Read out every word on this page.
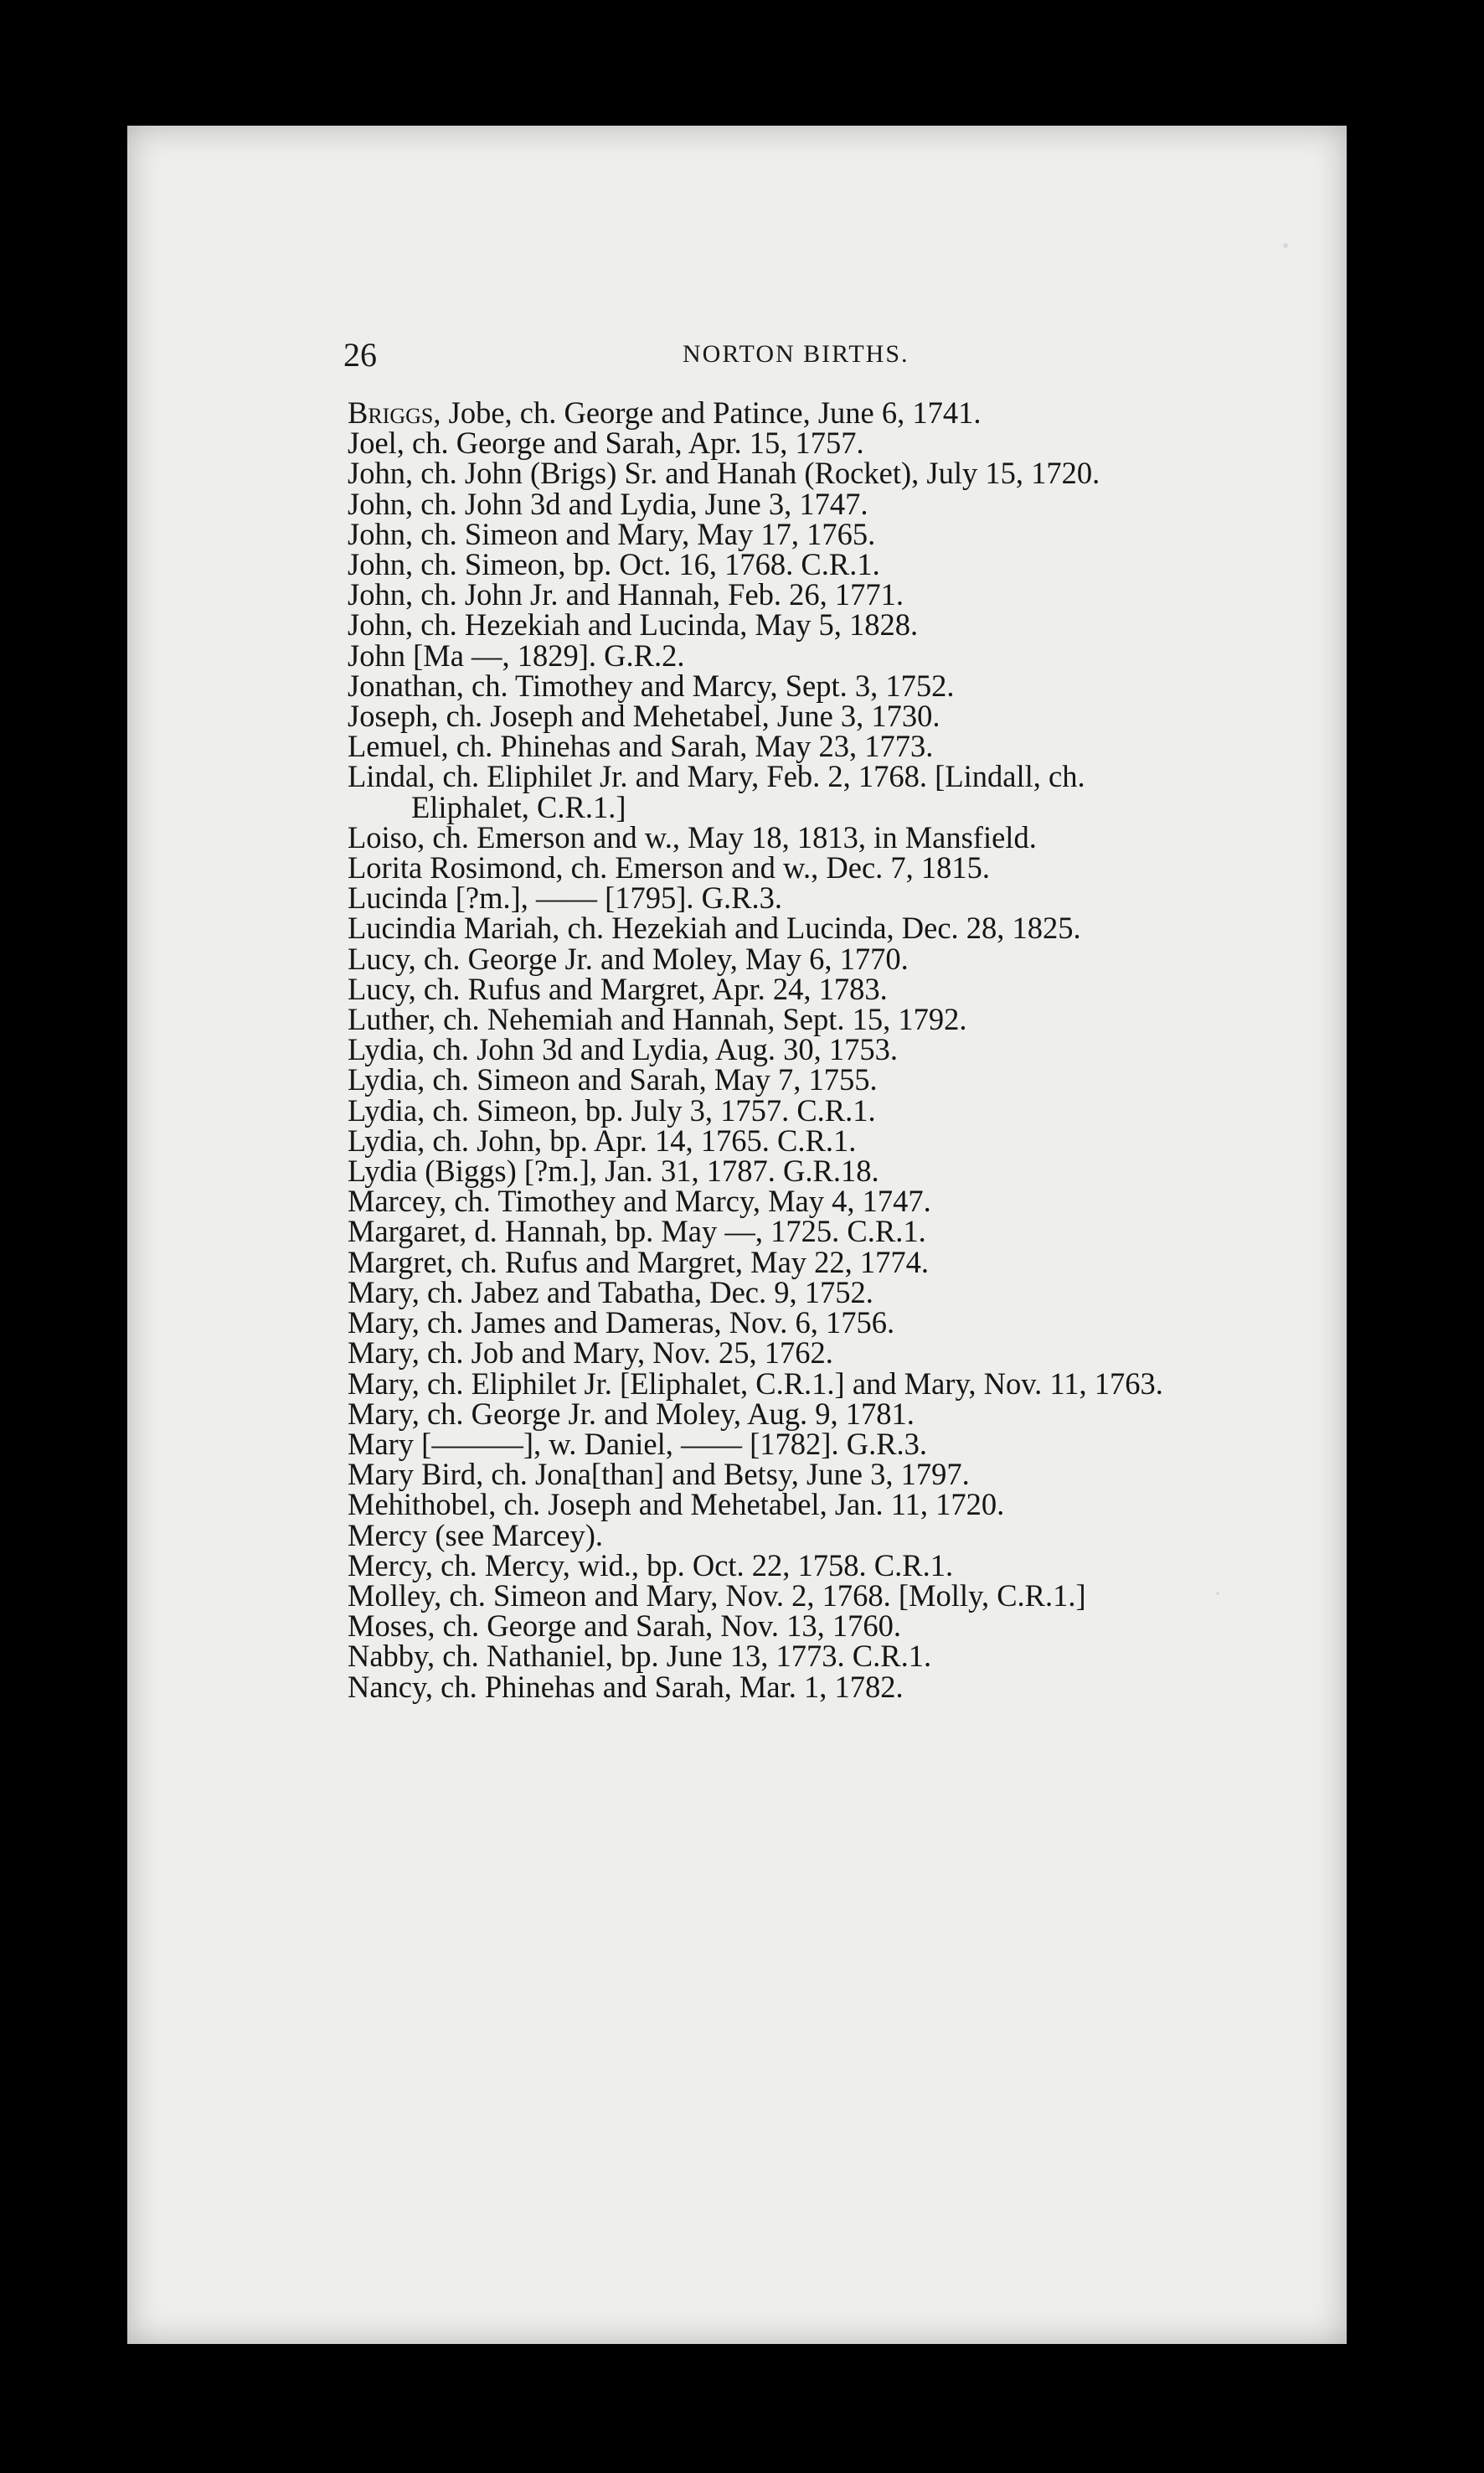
26	NORTON BIRTHS.
Briggs, Jobe, ch. George and Patince, June 6, 1741.
Joel, ch. George and Sarah, Apr. 15, 1757.
John, ch. John (Brigs) Sr. and Hanah (Rocket), July 15, 1720.
John, ch. John 3d and Lydia, June 3, 1747.
John, ch. Simeon and Mary, May 17, 1765.
John, ch. Simeon, bp. Oct. 16, 1768. C.R.1.
John, ch. John Jr. and Hannah, Feb. 26, 1771.
John, ch. Hezekiah and Lucinda, May 5, 1828.
John [Ma —, 1829]. G.R.2.
Jonathan, ch. Timothey and Marcy, Sept. 3, 1752.
Joseph, ch. Joseph and Mehetabel, June 3, 1730.
Lemuel, ch. Phinehas and Sarah, May 23, 1773.
Lindal, ch. Eliphilet Jr. and Mary, Feb. 2, 1768. [Lindall, ch.
Eliphalet, C.R.1.]
Loiso, ch. Emerson and w., May 18, 1813, in Mansfield.
Lorita Rosimond, ch. Emerson and w., Dec. 7, 1815.
Lucinda [?m.], —— [1795]. G.R.3.
Lucindia Mariah, ch. Hezekiah and Lucinda, Dec. 28, 1825.
Lucy, ch. George Jr. and Moley, May 6, 1770.
Lucy, ch. Rufus and Margret, Apr. 24, 1783.
Luther, ch. Nehemiah and Hannah, Sept. 15, 1792.
Lydia, ch. John 3d and Lydia, Aug. 30, 1753.
Lydia, ch. Simeon and Sarah, May 7, 1755.
Lydia, ch. Simeon, bp. July 3, 1757. C.R.1.
Lydia, ch. John, bp. Apr. 14, 1765. C.R.1.
Lydia (Biggs) [?m.], Jan. 31, 1787. G.R.18.
Marcey, ch. Timothey and Marcy, May 4, 1747.
Margaret, d. Hannah, bp. May —, 1725. C.R.1.
Margret, ch. Rufus and Margret, May 22, 1774.
Mary, ch. Jabez and Tabatha, Dec. 9, 1752.
Mary, ch. James and Dameras, Nov. 6, 1756.
Mary, ch. Job and Mary, Nov. 25, 1762.
Mary, ch. Eliphilet Jr. [Eliphalet, C.R.1.] and Mary, Nov. 11, 1763.
Mary, ch. George Jr. and Moley, Aug. 9, 1781.
Mary [———], w. Daniel, —— [1782]. G.R.3.
Mary Bird, ch. Jona[than] and Betsy, June 3, 1797.
Mehithobel, ch. Joseph and Mehetabel, Jan. 11, 1720.
Mercy (see Marcey).
Mercy, ch. Mercy, wid., bp. Oct. 22, 1758. C.R.1.
Molley, ch. Simeon and Mary, Nov. 2, 1768. [Molly, C.R.1.]
Moses, ch. George and Sarah, Nov. 13, 1760.
Nabby, ch. Nathaniel, bp. June 13, 1773. C.R.1.
Nancy, ch. Phinehas and Sarah, Mar. 1, 1782.
